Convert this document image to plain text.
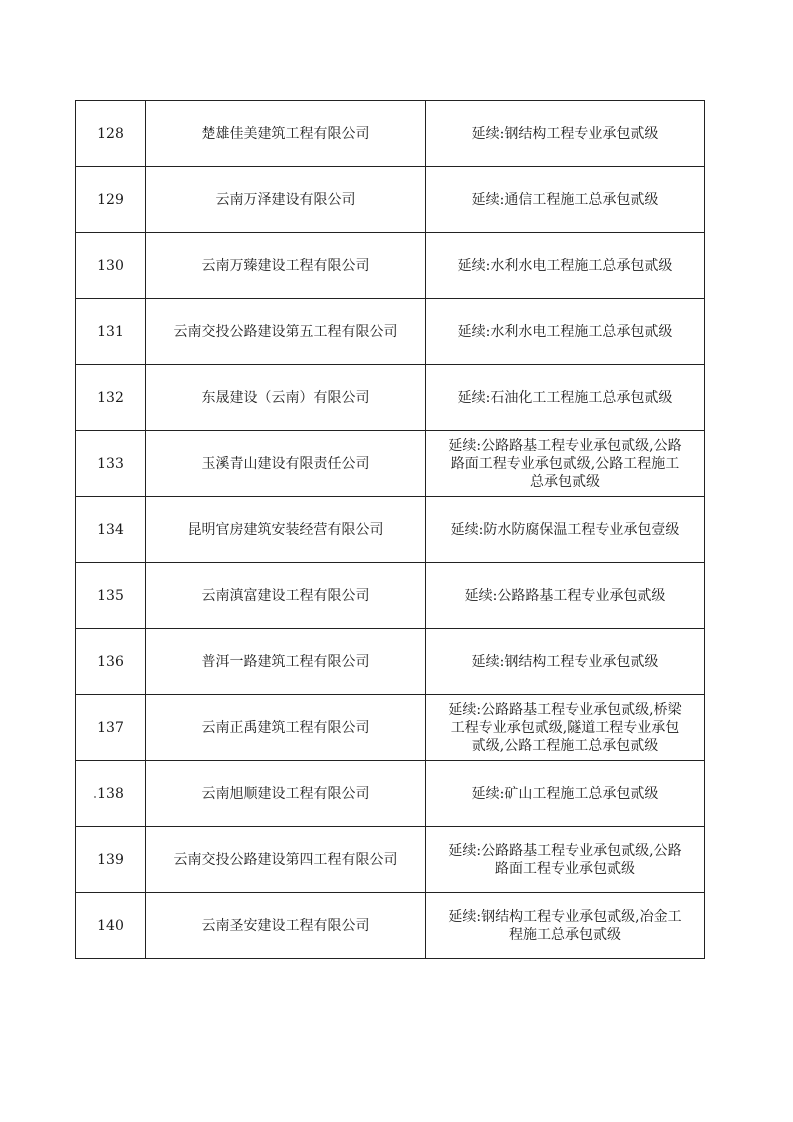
128	楚雄佳美建筑工程有限公司	延续:钢结构工程专业承包贰级

129	云南万泽建设有限公司	延续:通信工程施工总承包贰级

130	云南万臻建设工程有限公司	延续:水利水电工程施工总承包贰级

131	云南交投公路建设第五工程有限公司	延续:水利水电工程施工总承包贰级

132	东晟建设（云南）有限公司	延续:石油化工工程施工总承包贰级

133	玉溪青山建设有限责任公司	延续:公路路基工程专业承包贰级,公路
路面工程专业承包贰级,公路工程施工
总承包贰级

134	昆明官房建筑安装经营有限公司	延续:防水防腐保温工程专业承包壹级

135	云南滇富建设工程有限公司	延续:公路路基工程专业承包贰级

136	普洱一路建筑工程有限公司	延续:钢结构工程专业承包贰级

137	云南正禹建筑工程有限公司	延续:公路路基工程专业承包贰级,桥梁
工程专业承包贰级,隧道工程专业承包
贰级,公路工程施工总承包贰级

138	云南旭顺建设工程有限公司	延续:矿山工程施工总承包贰级

139	云南交投公路建设第四工程有限公司	延续:公路路基工程专业承包贰级,公路
路面工程专业承包贰级

140	云南圣安建设工程有限公司	延续:钢结构工程专业承包贰级,冶金工
程施工总承包贰级
